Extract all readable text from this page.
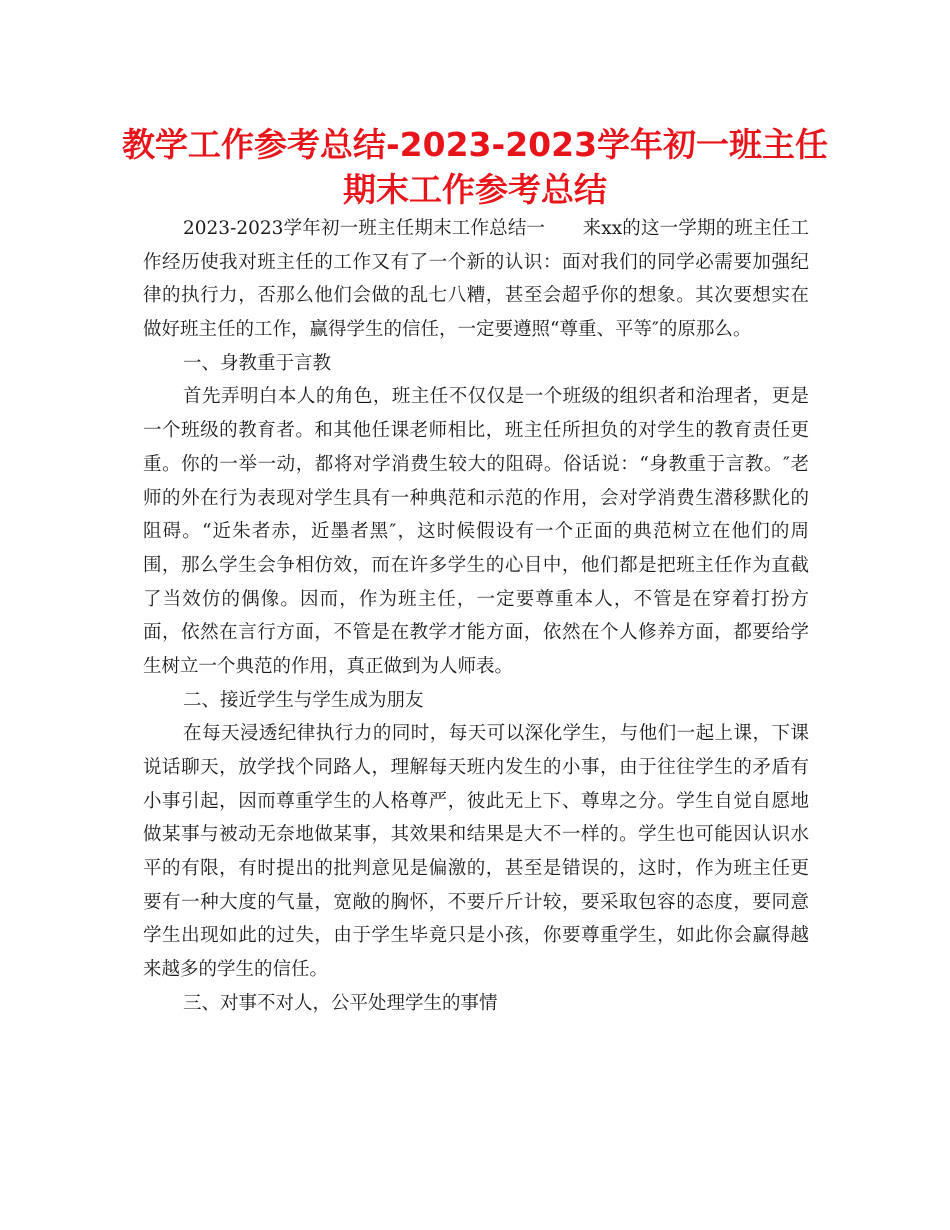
教学工作参考总结-2023-2023学年初一班主任
期末工作参考总结
2023-2023学年初一班主任期末工作总结一　　来xx的这一学期的班主任工
作经历使我对班主任的工作又有了一个新的认识：面对我们的同学必需要加强纪
律的执行力，否那么他们会做的乱七八糟，甚至会超乎你的想象。其次要想实在
做好班主任的工作，赢得学生的信任，一定要遵照“尊重、平等″的原那么。
一、身教重于言教
首先弄明白本人的角色，班主任不仅仅是一个班级的组织者和治理者，更是
一个班级的教育者。和其他任课老师相比，班主任所担负的对学生的教育责任更
重。你的一举一动，都将对学消费生较大的阻碍。俗话说：“身教重于言教。″老
师的外在行为表现对学生具有一种典范和示范的作用，会对学消费生潜移默化的
阻碍。“近朱者赤，近墨者黑″，这时候假设有一个正面的典范树立在他们的周
围，那么学生会争相仿效，而在许多学生的心目中，他们都是把班主任作为直截
了当效仿的偶像。因而，作为班主任，一定要尊重本人，不管是在穿着打扮方
面，依然在言行方面，不管是在教学才能方面，依然在个人修养方面，都要给学
生树立一个典范的作用，真正做到为人师表。
二、接近学生与学生成为朋友
在每天浸透纪律执行力的同时，每天可以深化学生，与他们一起上课，下课
说话聊天，放学找个同路人，理解每天班内发生的小事，由于往往学生的矛盾有
小事引起，因而尊重学生的人格尊严，彼此无上下、尊卑之分。学生自觉自愿地
做某事与被动无奈地做某事，其效果和结果是大不一样的。学生也可能因认识水
平的有限，有时提出的批判意见是偏激的，甚至是错误的，这时，作为班主任更
要有一种大度的气量，宽敞的胸怀，不要斤斤计较，要采取包容的态度，要同意
学生出现如此的过失，由于学生毕竟只是小孩，你要尊重学生，如此你会赢得越
来越多的学生的信任。
三、对事不对人，公平处理学生的事情
